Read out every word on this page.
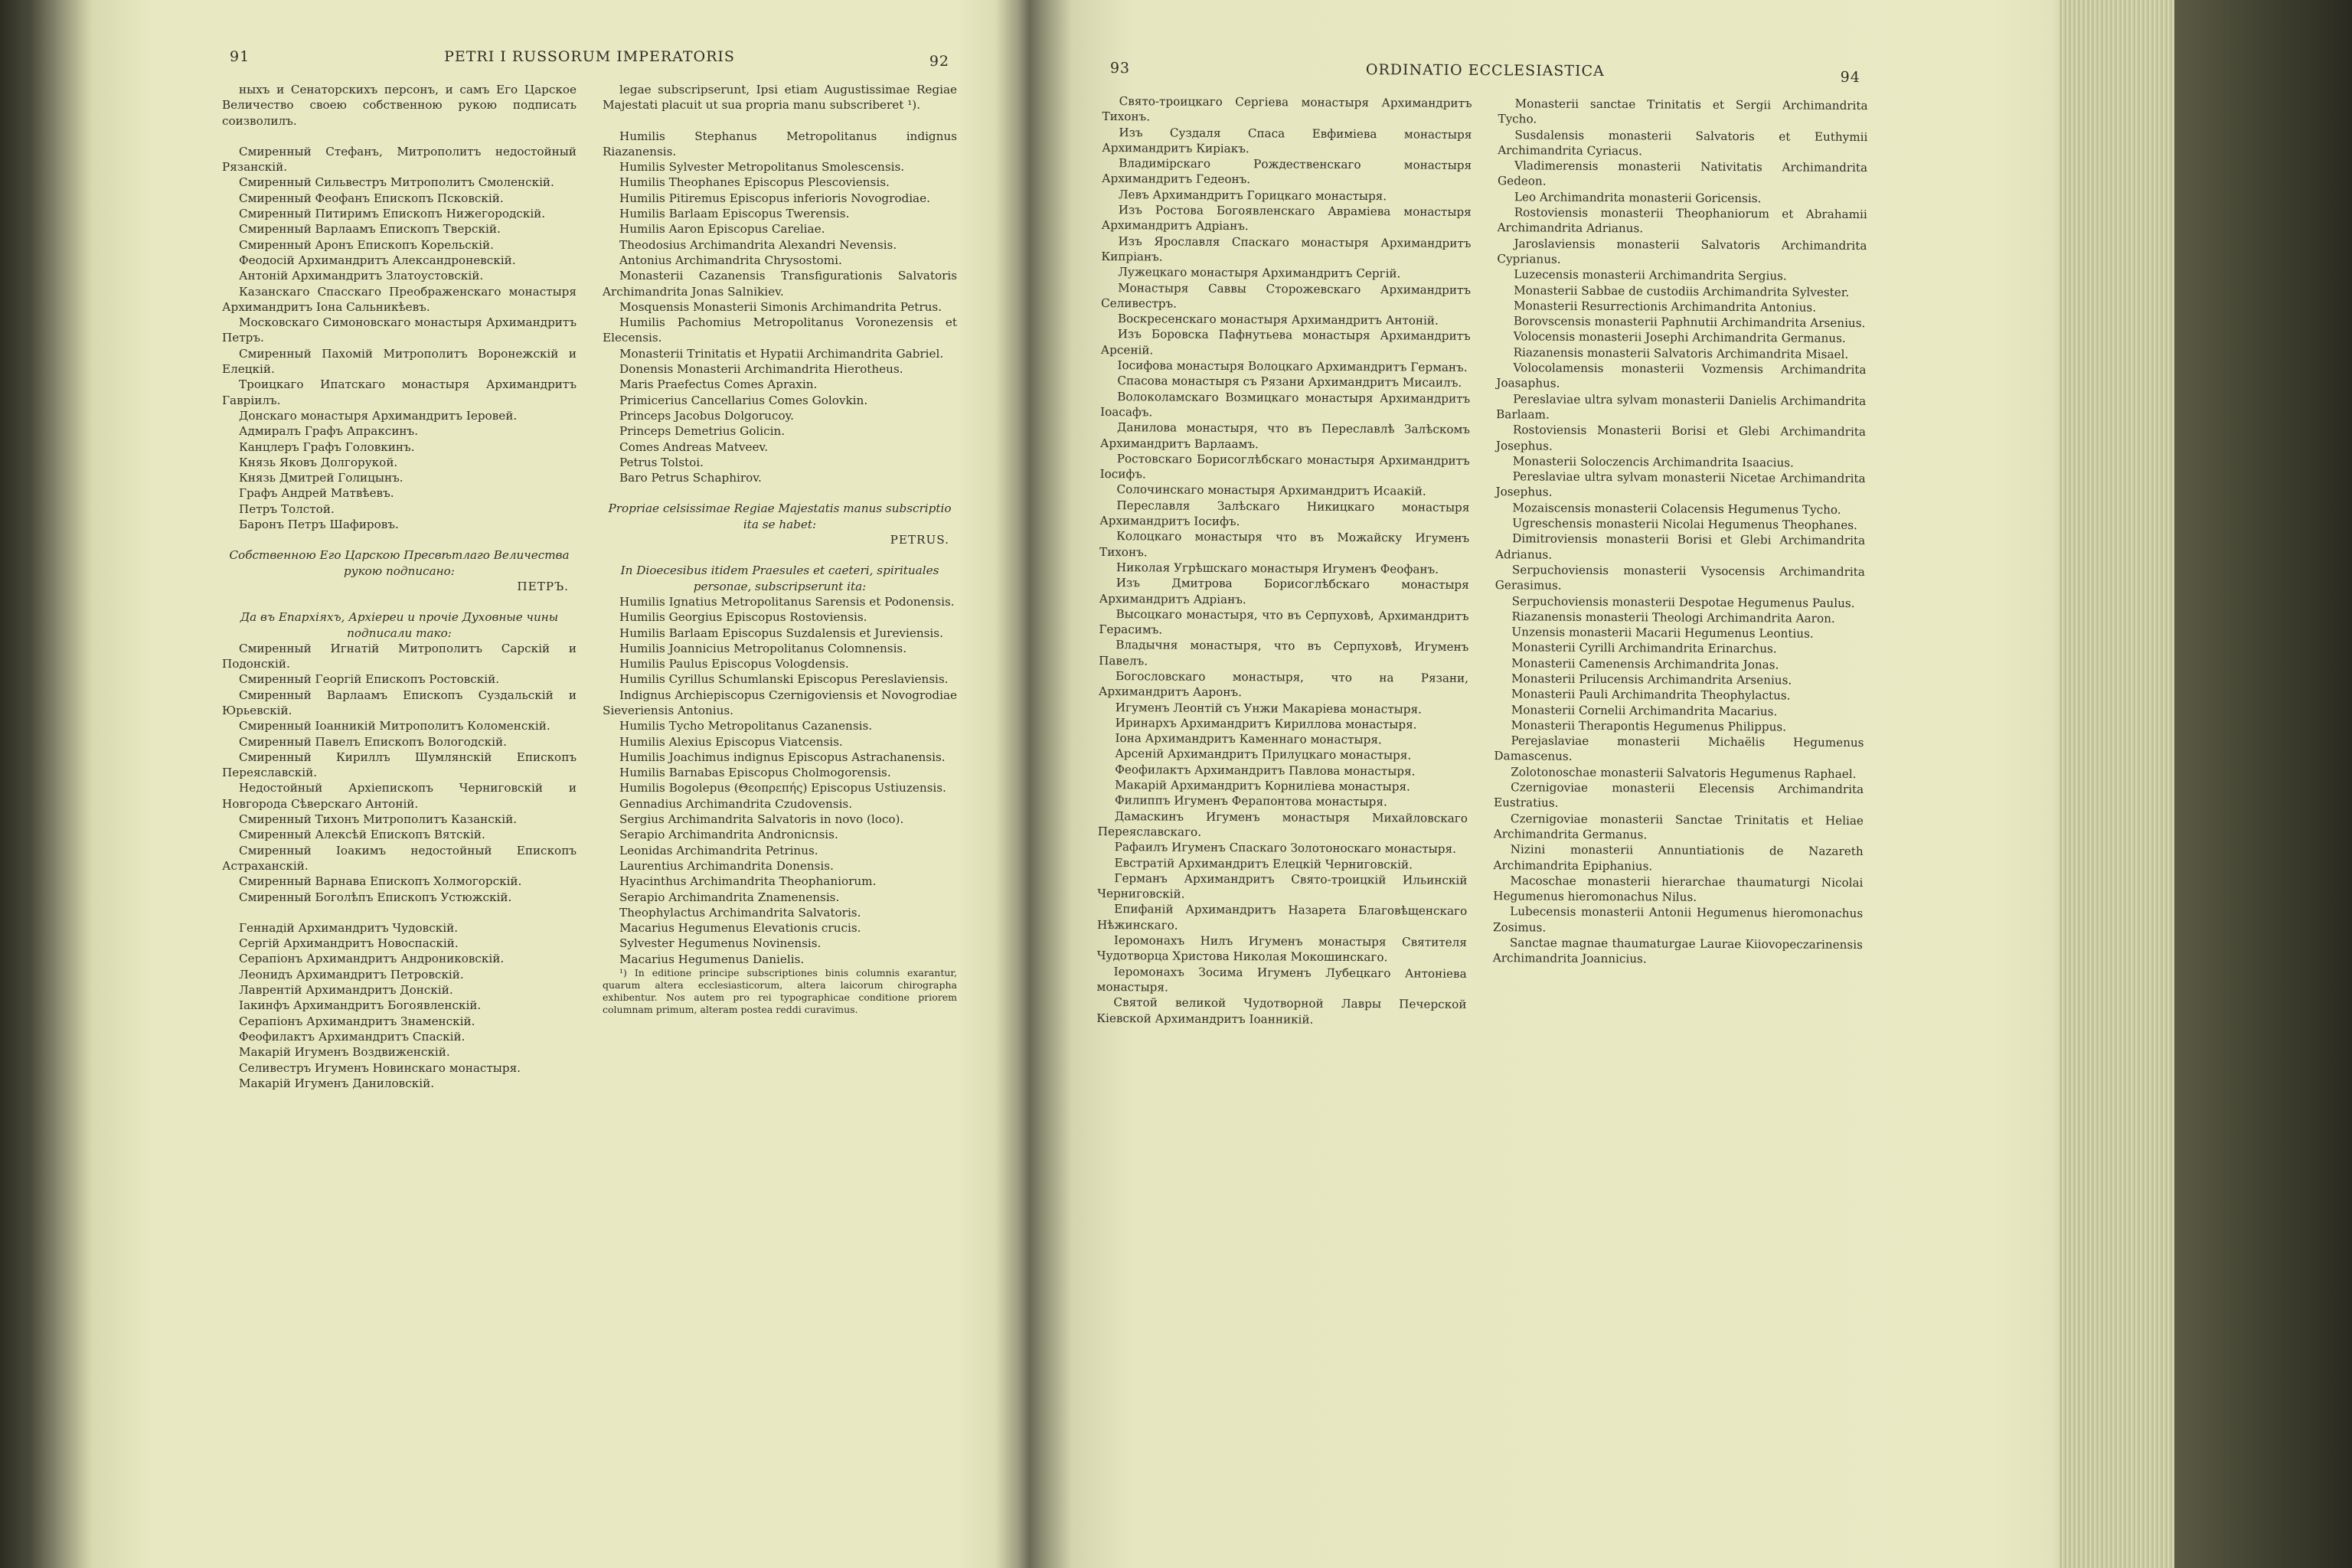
91	PETRI I RUSSORUM IMPERATORIS	92

ныхъ и Сенаторскихъ персонъ, и самъ Его Царское Величество своею собственною рукою подписать соизволилъ.

Смиренный Стефанъ, Митрополитъ недостойный Рязанскій.

Смиренный Сильвестръ Митрополитъ Смоленскій.

Смиренный Феофанъ Епископъ Псковскій.

Смиренный Питиримъ Епископъ Нижегородскій.

Смиренный Варлаамъ Епископъ Тверскій.

Смиренный Аронъ Епископъ Корельскій.

Феодосій Архимандритъ Александроневскій.

Антоній Архимандритъ Златоустовскій.

Казанскаго Спасскаго Преображенскаго монастыря Архимандритъ Іона Сальникѣевъ.

Московскаго Симоновскаго монастыря Архимандритъ Петръ.

Смиренный Пахомій Митрополитъ Воронежскій и Елецкій.

Троицкаго Ипатскаго монастыря Архимандритъ Гавріилъ.

Донскаго монастыря Архимандритъ Іеровей.

Адмиралъ Графъ Апраксинъ.

Канцлеръ Графъ Головкинъ.

Князь Яковъ Долгорукой.

Князь Дмитрей Голицынъ.

Графъ Андрей Матвѣевъ.

Петръ Толстой.

Баронъ Петръ Шафировъ.

Собственною Его Царскою Пресвѣтлаго Величества рукою подписано:

ПЕТРЪ.

Да въ Епархіяхъ, Архіереи и прочіе Духовные чины подписали тако:

Смиренный Игнатій Митрополитъ Сарскій и Подонскій.

Смиренный Георгій Епископъ Ростовскій.

Смиренный Варлаамъ Епископъ Суздальскій и Юрьевскій.

Смиренный Іоанникій Митрополитъ Коломенскій.

Смиренный Павелъ Епископъ Вологодскій.

Смиренный Кириллъ Шумлянскій Епископъ Переяславскій.

Недостойный Архіепископъ Черниговскій и Новгорода Сѣверскаго Антоній.

Смиренный Тихонъ Митрополитъ Казанскій.

Смиренный Алексѣй Епископъ Вятскій.

Смиренный Іоакимъ недостойный Епископъ Астраханскій.

Смиренный Варнава Епископъ Холмогорскій.

Смиренный Боголѣпъ Епископъ Устюжскій.

Геннадій Архимандритъ Чудовскій.

Сергій Архимандритъ Новоспаскій.

Серапіонъ Архимандритъ Андрониковскій.

Леонидъ Архимандритъ Петровскій.

Лаврентій Архимандритъ Донскій.

Іакинфъ Архимандритъ Богоявленскій.

Серапіонъ Архимандритъ Знаменскій.

Феофилактъ Архимандритъ Спаскій.

Макарій Игуменъ Воздвиженскій.

Селивестръ Игуменъ Новинскаго монастыря.

Макарій Игуменъ Даниловскій.

legae subscripserunt, Ipsi etiam Augustissimae Regiae Majestati placuit ut sua propria manu subscriberet ¹).

Humilis Stephanus Metropolitanus indignus Riazanensis.

Humilis Sylvester Metropolitanus Smolescensis.

Humilis Theophanes Episcopus Plescoviensis.

Humilis Pitiremus Episcopus inferioris Novogrodiae.

Humilis Barlaam Episcopus Twerensis.

Humilis Aaron Episcopus Careliae.

Theodosius Archimandrita Alexandri Nevensis.

Antonius Archimandrita Chrysostomi.

Monasterii Cazanensis Transfigurationis Salvatoris Archimandrita Jonas Salnikiev.

Mosquensis Monasterii Simonis Archimandrita Petrus.

Humilis Pachomius Metropolitanus Voronezensis et Elecensis.

Monasterii Trinitatis et Hypatii Archimandrita Gabriel.

Donensis Monasterii Archimandrita Hierotheus.

Maris Praefectus Comes Apraxin.

Primicerius Cancellarius Comes Golovkin.

Princeps Jacobus Dolgorucoy.

Princeps Demetrius Golicin.

Comes Andreas Matveev.

Petrus Tolstoi.

Baro Petrus Schaphirov.

Propriae celsissimae Regiae Majestatis manus subscriptio ita se habet:

PETRUS.

In Dioecesibus itidem Praesules et caeteri, spirituales personae, subscripserunt ita:

Humilis Ignatius Metropolitanus Sarensis et Podonensis.

Humilis Georgius Episcopus Rostoviensis.

Humilis Barlaam Episcopus Suzdalensis et Jureviensis.

Humilis Joannicius Metropolitanus Colomnensis.

Humilis Paulus Episcopus Vologdensis.

Humilis Cyrillus Schumlanski Episcopus Pereslaviensis.

Indignus Archiepiscopus Czernigoviensis et Novogrodiae Sieveriensis Antonius.

Humilis Tycho Metropolitanus Cazanensis.

Humilis Alexius Episcopus Viatcensis.

Humilis Joachimus indignus Episcopus Astrachanensis.

Humilis Barnabas Episcopus Cholmogorensis.

Humilis Bogolepus (Θεοπρεπής) Episcopus Ustiuzensis.

Gennadius Archimandrita Czudovensis.

Sergius Archimandrita Salvatoris in novo (loco).

Serapio Archimandrita Andronicnsis.

Leonidas Archimandrita Petrinus.

Laurentius Archimandrita Donensis.

Hyacinthus Archimandrita Theophaniorum.

Serapio Archimandrita Znamenensis.

Theophylactus Archimandrita Salvatoris.

Macarius Hegumenus Elevationis crucis.

Sylvester Hegumenus Novinensis.

Macarius Hegumenus Danielis.

¹) In editione principe subscriptiones binis columnis exarantur, quarum altera ecclesiasticorum, altera laicorum chirographa exhibentur. Nos autem pro rei typographicae conditione priorem columnam primum, alteram postea reddi curavimus.

93	ORDINATIO ECCLESIASTICA	94

Свято-троицкаго Сергіева монастыря Архимандритъ Тихонъ.

Изъ Суздаля Спаса Евфиміева монастыря Архимандритъ Киріакъ.

Владимірскаго Рождественскаго монастыря Архимандритъ Гедеонъ.

Левъ Архимандритъ Горицкаго монастыря.

Изъ Ростова Богоявленскаго Авраміева монастыря Архимандритъ Адріанъ.

Изъ Ярославля Спаскаго монастыря Архимандритъ Кипріанъ.

Лужецкаго монастыря Архимандритъ Сергій.

Монастыря Саввы Сторожевскаго Архимандритъ Селивестръ.

Воскресенскаго монастыря Архимандритъ Антоній.

Изъ Боровска Пафнутьева монастыря Архимандритъ Арсеній.

Іосифова монастыря Волоцкаго Архимандритъ Германъ.

Спасова монастыря съ Рязани Архимандритъ Мисаилъ.

Волоколамскаго Возмицкаго монастыря Архимандритъ Іоасафъ.

Данилова монастыря, что въ Переславлѣ Залѣскомъ Архимандритъ Варлаамъ.

Ростовскаго Борисоглѣбскаго монастыря Архимандритъ Іосифъ.

Солочинскаго монастыря Архимандритъ Исаакій.

Переславля Залѣскаго Никицкаго монастыря Архимандритъ Іосифъ.

Колоцкаго монастыря что въ Можайску Игуменъ Тихонъ.

Николая Угрѣшскаго монастыря Игуменъ Феофанъ.

Изъ Дмитрова Борисоглѣбскаго монастыря Архимандритъ Адріанъ.

Высоцкаго монастыря, что въ Серпуховѣ, Архимандритъ Герасимъ.

Владычня монастыря, что въ Серпуховѣ, Игуменъ Павелъ.

Богословскаго монастыря, что на Рязани, Архимандритъ Ааронъ.

Игуменъ Леонтій съ Унжи Макаріева монастыря.

Иринархъ Архимандритъ Кириллова монастыря.

Іона Архимандритъ Каменнаго монастыря.

Арсеній Архимандритъ Прилуцкаго монастыря.

Феофилактъ Архимандритъ Павлова монастыря.

Макарій Архимандритъ Корниліева монастыря.

Филиппъ Игуменъ Ферапонтова монастыря.

Дамаскинъ Игуменъ монастыря Михайловскаго Переяславскаго.

Рафаилъ Игуменъ Спаскаго Золотоноскаго монастыря.

Евстратій Архимандритъ Елецкій Черниговскій.

Германъ Архимандритъ Свято-троицкій Ильинскій Черниговскій.

Епифаній Архимандритъ Назарета Благовѣщенскаго Нѣжинскаго.

Іеромонахъ Нилъ Игуменъ монастыря Святителя Чудотворца Христова Николая Мокошинскаго.

Іеромонахъ Зосима Игуменъ Лубецкаго Антоніева монастыря.

Святой великой Чудотворной Лавры Печерской Кіевской Архимандритъ Іоанникій.

Monasterii sanctae Trinitatis et Sergii Archimandrita Tycho.

Susdalensis monasterii Salvatoris et Euthymii Archimandrita Cyriacus.

Vladimerensis monasterii Nativitatis Archimandrita Gedeon.

Leo Archimandrita monasterii Goricensis.

Rostoviensis monasterii Theophaniorum et Abrahamii Archimandrita Adrianus.

Jaroslaviensis monasterii Salvatoris Archimandrita Cyprianus.

Luzecensis monasterii Archimandrita Sergius.

Monasterii Sabbae de custodiis Archimandrita Sylvester.

Monasterii Resurrectionis Archimandrita Antonius.

Borovscensis monasterii Paphnutii Archimandrita Arsenius.

Volocensis monasterii Josephi Archimandrita Germanus.

Riazanensis monasterii Salvatoris Archimandrita Misael.

Volocolamensis monasterii Vozmensis Archimandrita Joasaphus.

Pereslaviae ultra sylvam monasterii Danielis Archimandrita Barlaam.

Rostoviensis Monasterii Borisi et Glebi Archimandrita Josephus.

Monasterii Soloczencis Archimandrita Isaacius.

Pereslaviae ultra sylvam monasterii Nicetae Archimandrita Josephus.

Mozaiscensis monasterii Colacensis Hegumenus Tycho.

Ugreschensis monasterii Nicolai Hegumenus Theophanes.

Dimitroviensis monasterii Borisi et Glebi Archimandrita Adrianus.

Serpuchoviensis monasterii Vysocensis Archimandrita Gerasimus.

Serpuchoviensis monasterii Despotae Hegumenus Paulus.

Riazanensis monasterii Theologi Archimandrita Aaron.

Unzensis monasterii Macarii Hegumenus Leontius.

Monasterii Cyrilli Archimandrita Erinarchus.

Monasterii Camenensis Archimandrita Jonas.

Monasterii Prilucensis Archimandrita Arsenius.

Monasterii Pauli Archimandrita Theophylactus.

Monasterii Cornelii Archimandrita Macarius.

Monasterii Therapontis Hegumenus Philippus.

Perejaslaviae monasterii Michaëlis Hegumenus Damascenus.

Zolotonoschae monasterii Salvatoris Hegumenus Raphael.

Czernigoviae monasterii Elecensis Archimandrita Eustratius.

Czernigoviae monasterii Sanctae Trinitatis et Heliae Archimandrita Germanus.

Nizini monasterii Annuntiationis de Nazareth Archimandrita Epiphanius.

Macoschae monasterii hierarchae thaumaturgi Nicolai Hegumenus hieromonachus Nilus.

Lubecensis monasterii Antonii Hegumenus hieromonachus Zosimus.

Sanctae magnae thaumaturgae Laurae Kiiovopeczarinensis Archimandrita Joannicius.
